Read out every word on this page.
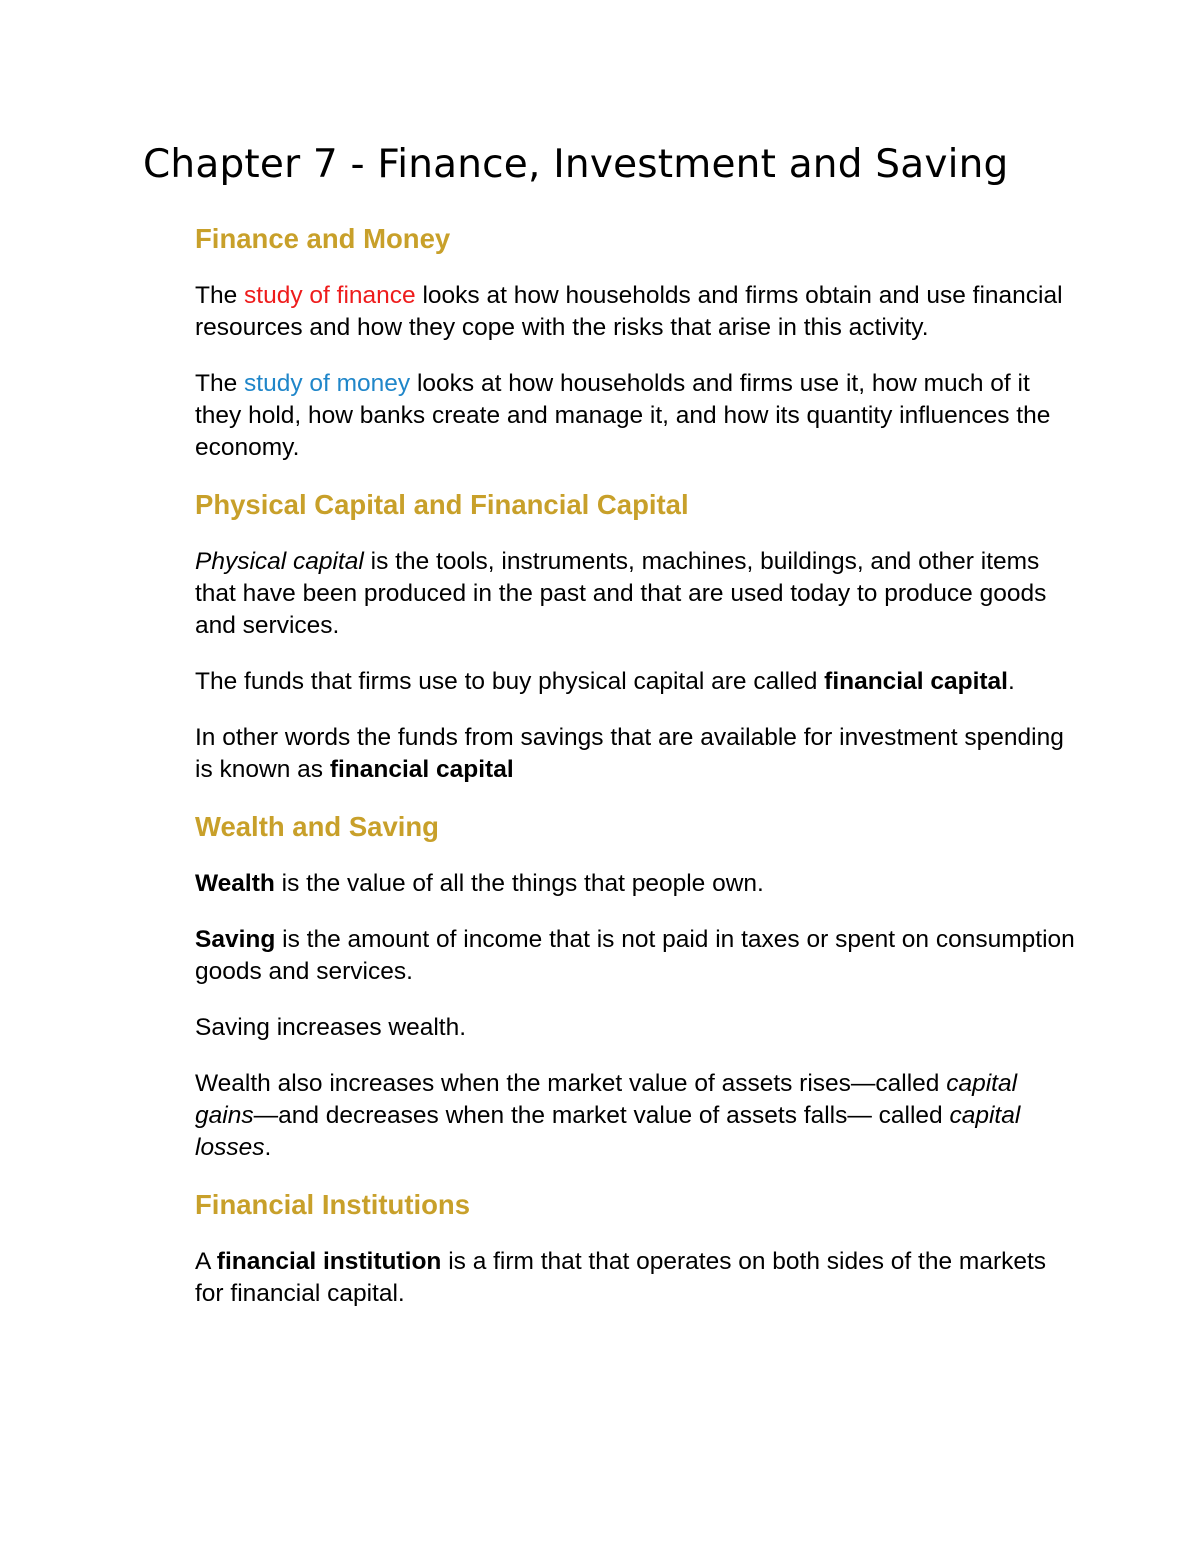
Chapter 7 - Finance, Investment and Saving
Finance and Money

The study of finance looks at how households and firms obtain and use financial resources and how they cope with the risks that arise in this activity.

The study of money looks at how households and firms use it, how much of it they hold, how banks create and manage it, and how its quantity influences the economy.

Physical Capital and Financial Capital

Physical capital is the tools, instruments, machines, buildings, and other items that have been produced in the past and that are used today to produce goods and services.

The funds that firms use to buy physical capital are called financial capital.

In other words the funds from savings that are available for investment spending is known as financial capital

Wealth and Saving

Wealth is the value of all the things that people own.

Saving is the amount of income that is not paid in taxes or spent on consumption goods and services.

Saving increases wealth.

Wealth also increases when the market value of assets rises—called capital gains—and decreases when the market value of assets falls— called capital losses.

Financial Institutions

A financial institution is a firm that that operates on both sides of the markets for financial capital.
